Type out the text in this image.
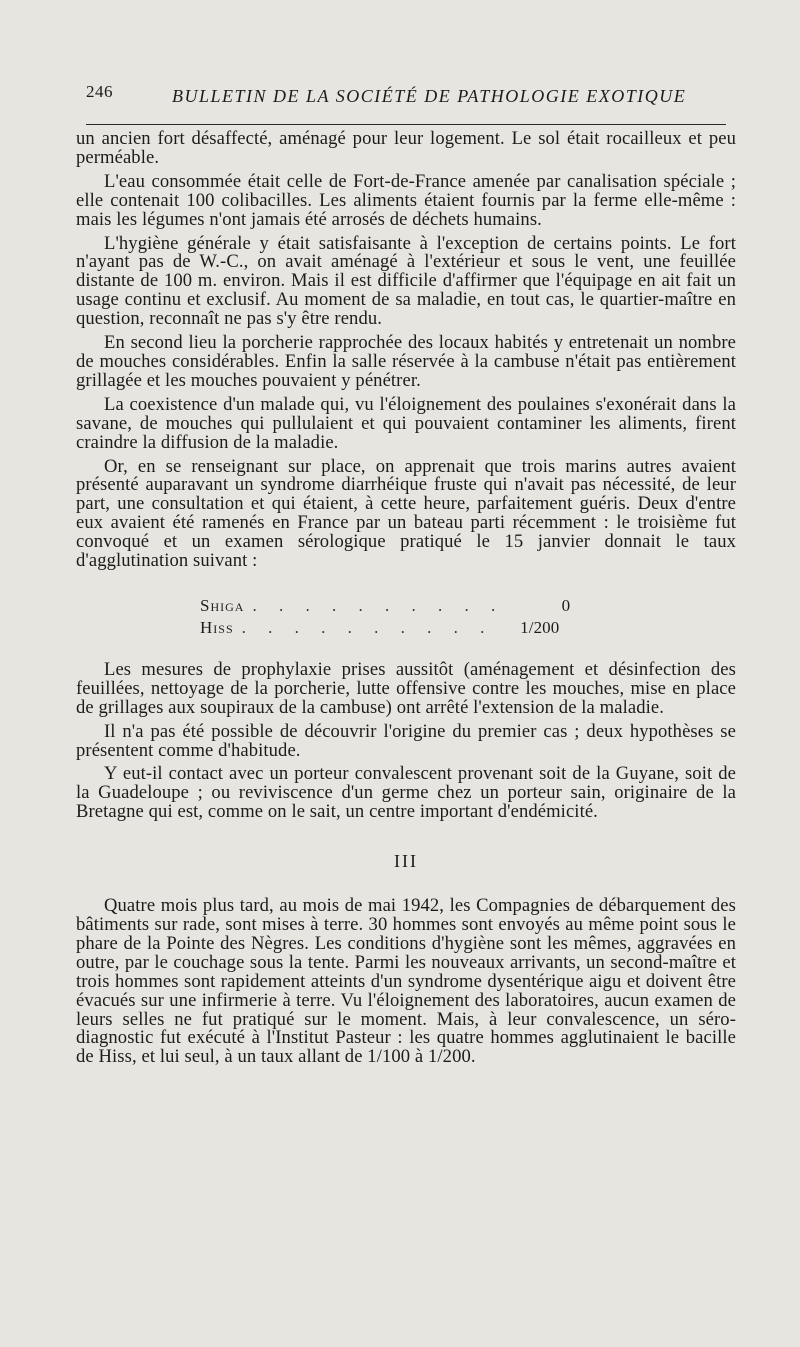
246	BULLETIN DE LA SOCIÉTÉ DE PATHOLOGIE EXOTIQUE

un ancien fort désaffecté, aménagé pour leur logement. Le sol était rocailleux et peu perméable.

L'eau consommée était celle de Fort-de-France amenée par canalisation spéciale ; elle contenait 100 colibacilles. Les aliments étaient fournis par la ferme elle-même : mais les légumes n'ont jamais été arrosés de déchets humains.

L'hygiène générale y était satisfaisante à l'exception de certains points. Le fort n'ayant pas de W.-C., on avait aménagé à l'extérieur et sous le vent, une feuillée distante de 100 m. environ. Mais il est difficile d'affirmer que l'équipage en ait fait un usage continu et exclusif. Au moment de sa maladie, en tout cas, le quartier-maître en question, reconnaît ne pas s'y être rendu.

En second lieu la porcherie rapprochée des locaux habités y entretenait un nombre de mouches considérables. Enfin la salle réservée à la cambuse n'était pas entièrement grillagée et les mouches pouvaient y pénétrer.

La coexistence d'un malade qui, vu l'éloignement des poulaines s'exonérait dans la savane, de mouches qui pullulaient et qui pouvaient contaminer les aliments, firent craindre la diffusion de la maladie.

Or, en se renseignant sur place, on apprenait que trois marins autres avaient présenté auparavant un syndrome diarrhéique fruste qui n'avait pas nécessité, de leur part, une consultation et qui étaient, à cette heure, parfaitement guéris. Deux d'entre eux avaient été ramenés en France par un bateau parti récemment : le troisième fut convoqué et un examen sérologique pratiqué le 15 janvier donnait le taux d'agglutination suivant :

Shiga . . . . . . . . . .	0
Hiss . . . . . . . . . .	1/200

Les mesures de prophylaxie prises aussitôt (aménagement et désinfection des feuillées, nettoyage de la porcherie, lutte offensive contre les mouches, mise en place de grillages aux soupiraux de la cambuse) ont arrêté l'extension de la maladie.

Il n'a pas été possible de découvrir l'origine du premier cas ; deux hypothèses se présentent comme d'habitude.

Y eut-il contact avec un porteur convalescent provenant soit de la Guyane, soit de la Guadeloupe ; ou reviviscence d'un germe chez un porteur sain, originaire de la Bretagne qui est, comme on le sait, un centre important d'endémicité.

III

Quatre mois plus tard, au mois de mai 1942, les Compagnies de débarquement des bâtiments sur rade, sont mises à terre. 30 hommes sont envoyés au même point sous le phare de la Pointe des Nègres. Les conditions d'hygiène sont les mêmes, aggravées en outre, par le couchage sous la tente. Parmi les nouveaux arrivants, un second-maître et trois hommes sont rapidement atteints d'un syndrome dysentérique aigu et doivent être évacués sur une infirmerie à terre. Vu l'éloignement des laboratoires, aucun examen de leurs selles ne fut pratiqué sur le moment. Mais, à leur convalescence, un séro-diagnostic fut exécuté à l'Institut Pasteur : les quatre hommes agglutinaient le bacille de Hiss, et lui seul, à un taux allant de 1/100 à 1/200.
